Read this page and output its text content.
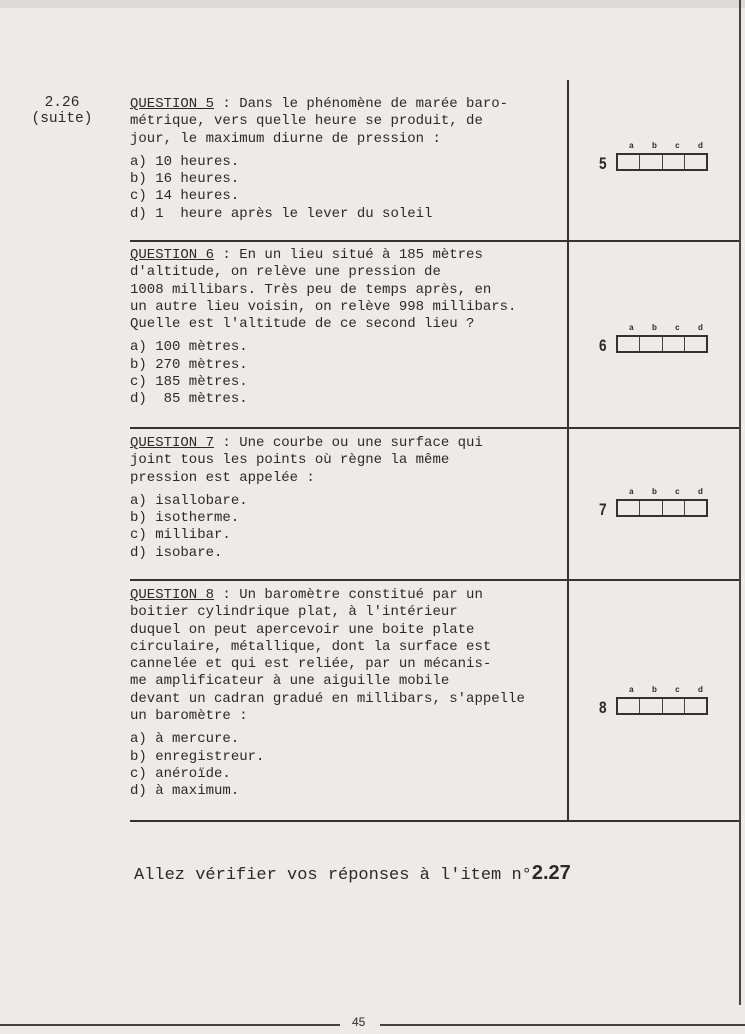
2.26
(suite)
QUESTION 5 : Dans le phénomène de marée baro-
métrique, vers quelle heure se produit, de
jour, le maximum diurne de pression :
a) 10 heures.
b) 16 heures.
c) 14 heures.
d) 1  heure après le lever du soleil
QUESTION 6 : En un lieu situé à 185 mètres
d'altitude, on relève une pression de
1008 millibars. Très peu de temps après, en
un autre lieu voisin, on relève 998 millibars.
Quelle est l'altitude de ce second lieu ?
a) 100 mètres.
b) 270 mètres.
c) 185 mètres.
d)  85 mètres.
QUESTION 7 : Une courbe ou une surface qui
joint tous les points où règne la même
pression est appelée :
a) isallobare.
b) isotherme.
c) millibar.
d) isobare.
QUESTION 8 : Un baromètre constitué par un
boitier cylindrique plat, à l'intérieur
duquel on peut apercevoir une boite plate
circulaire, métallique, dont la surface est
cannelée et qui est reliée, par un mécanis-
me amplificateur à une aiguille mobile
devant un cadran gradué en millibars, s'appelle
un baromètre :
a) à mercure.
b) enregistreur.
c) anéroïde.
d) à maximum.
a b c d
5
a b c d
6
a b c d
7
a b c d
8
Allez vérifier vos réponses à l'item n°2.27
45
